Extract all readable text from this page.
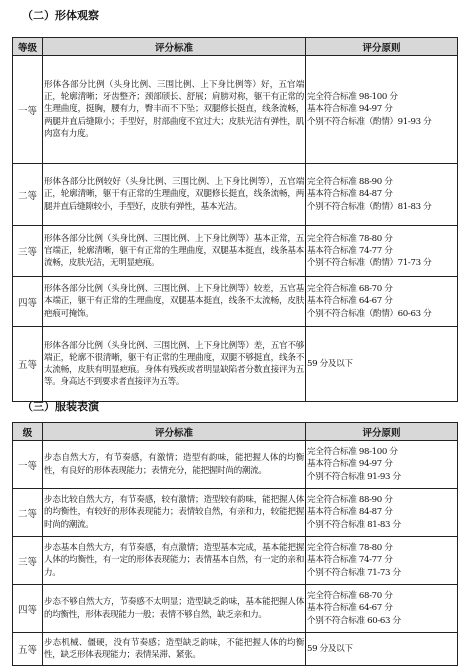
（二）形体观察
等级	评分标准	评分原则
一等	形体各部分比例（头身比例、三围比例、上下身比例等）好，五官端正，轮廓清晰；牙齿整齐；颈部颀长、舒展；肩膀对称，躯干有正常的生理曲度，挺胸，腰有力，臀丰而不下坠；双腿修长挺直，线条流畅，两腿并直后缝隙小；手型好，肘部曲度不宜过大；皮肤光洁有弹性，肌肉富有力度。	完全符合标准 98-100 分
基本符合标准 94-97 分
个别不符合标准（酌情）91-93 分

二等	形体各部分比例较好（头身比例、三围比例、上下身比例等），五官端正，轮廓清晰，躯干有正常的生理曲度，双腿修长挺直，线条流畅，两腿并直后缝隙较小，手型好，皮肤有弹性，基本光洁。	完全符合标准 88-90 分
基本符合标准 84-87 分
个别不符合标准（酌情）81-83 分

三等	形体各部分比例（头身比例、三围比例、上下身比例等）基本正常，五官端正，轮廓清晰，躯干有正常的生理曲度，双腿基本挺直，线条基本流畅，皮肤光洁，无明显疤痕。	完全符合标准 78-80 分
基本符合标准 74-77 分
个别不符合标准（酌情）71-73 分

四等	形体各部分比例（头身比例、三围比例、上下身比例等）较差，五官基本端正，躯干有正常的生理曲度，双腿基本挺直，线条不太流畅，皮肤疤痕可掩饰。	完全符合标准 68-70 分
基本符合标准 64-67 分
个别不符合标准（酌情）60-63 分

五等	形体各部分比例（头身比例、三围比例、上下身比例等）差，五官不够端正，轮廓不很清晰，躯干有正常的生理曲度，双腿不够挺直，线条不太流畅，皮肤有明显疤痕。身体有残疾或者明显缺陷者分数直接评为五等。身高达不到要求者直接评为五等。	59 分及以下
（三）服装表演
级	评分标准	评分原则
一等	步态自然大方，有节奏感，有激情；造型有韵味，能把握人体的均衡性，有良好的形体表现能力；表情充分，能把握时尚的潮流。	完全符合标准 98-100 分
基本符合标准 94-97 分
个别不符合标准 91-93 分

二等	步态比较自然大方，有节奏感，较有激情；造型较有韵味，能把握人体的均衡性，有较好的形体表现能力；表情较自然，有亲和力，较能把握时尚的潮流。	完全符合标准 88-90 分
基本符合标准 84-87 分
个别不符合标准 81-83 分

三等	步态基本自然大方，有节奏感，有点激情；造型基本完成，基本能把握人体的均衡性，有一定的形体表现能力；表情基本自然，有一定的亲和力。	完全符合标准 78-80 分
基本符合标准 74-77 分
个别不符合标准 71-73 分

四等	步态不够自然大方，节奏感不太明显；造型缺乏韵味，基本能把握人体的均衡性，形体表现能力一般；表情不够自然，缺乏亲和力。	完全符合标准 68-70 分
基本符合标准 64-67 分
个别不符合标准 60-63 分

五等	步态机械、僵硬，没有节奏感；造型缺乏韵味，不能把握人体的均衡性，缺乏形体表现能力；表情呆滞、紧张。	59 分及以下
